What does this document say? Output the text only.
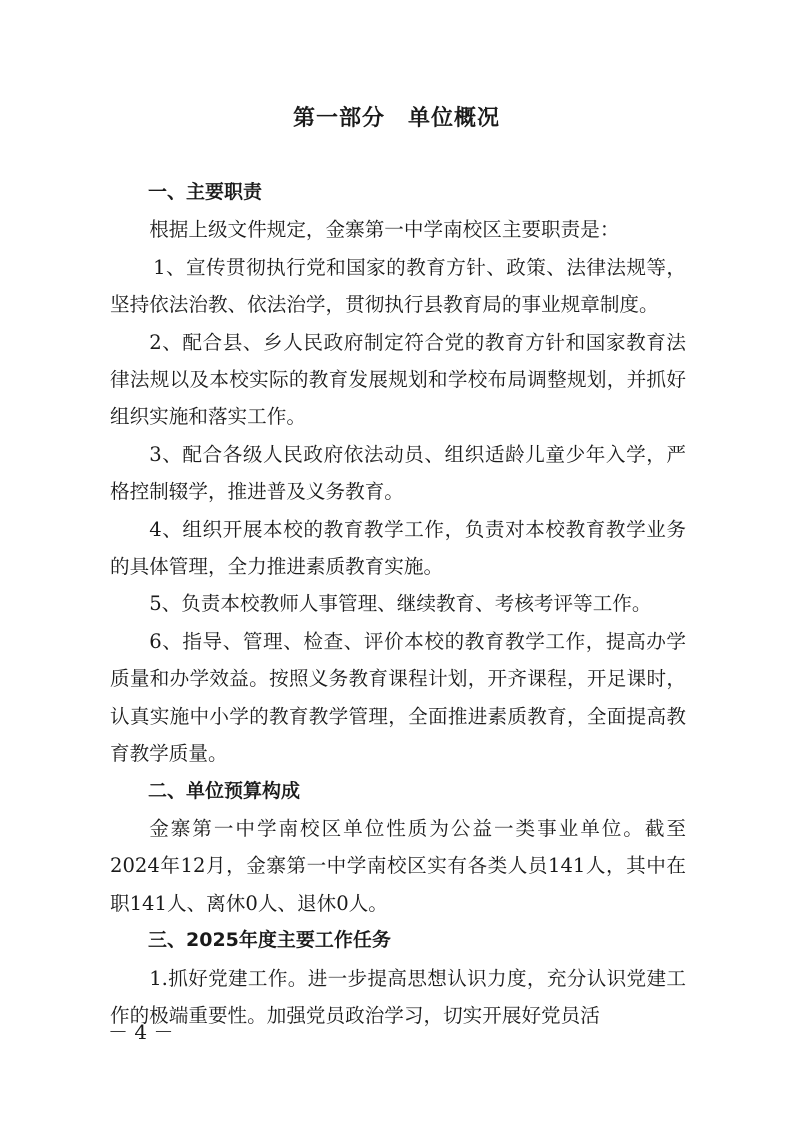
第一部分　单位概况

一、主要职责

根据上级文件规定，金寨第一中学南校区主要职责是：

1、宣传贯彻执行党和国家的教育方针、政策、法律法规等，坚持依法治教、依法治学，贯彻执行县教育局的事业规章制度。

2、配合县、乡人民政府制定符合党的教育方针和国家教育法律法规以及本校实际的教育发展规划和学校布局调整规划，并抓好组织实施和落实工作。

3、配合各级人民政府依法动员、组织适龄儿童少年入学，严格控制辍学，推进普及义务教育。

4、组织开展本校的教育教学工作，负责对本校教育教学业务的具体管理，全力推进素质教育实施。

5、负责本校教师人事管理、继续教育、考核考评等工作。

6、指导、管理、检查、评价本校的教育教学工作，提高办学质量和办学效益。按照义务教育课程计划，开齐课程，开足课时，认真实施中小学的教育教学管理，全面推进素质教育，全面提高教育教学质量。

二、单位预算构成

金寨第一中学南校区单位性质为公益一类事业单位。截至2024年12月，金寨第一中学南校区实有各类人员141人，其中在职141人、离休0人、退休0人。

三、2025年度主要工作任务

1.抓好党建工作。进一步提高思想认识力度，充分认识党建工作的极端重要性。加强党员政治学习，切实开展好党员活

－ 4 －
